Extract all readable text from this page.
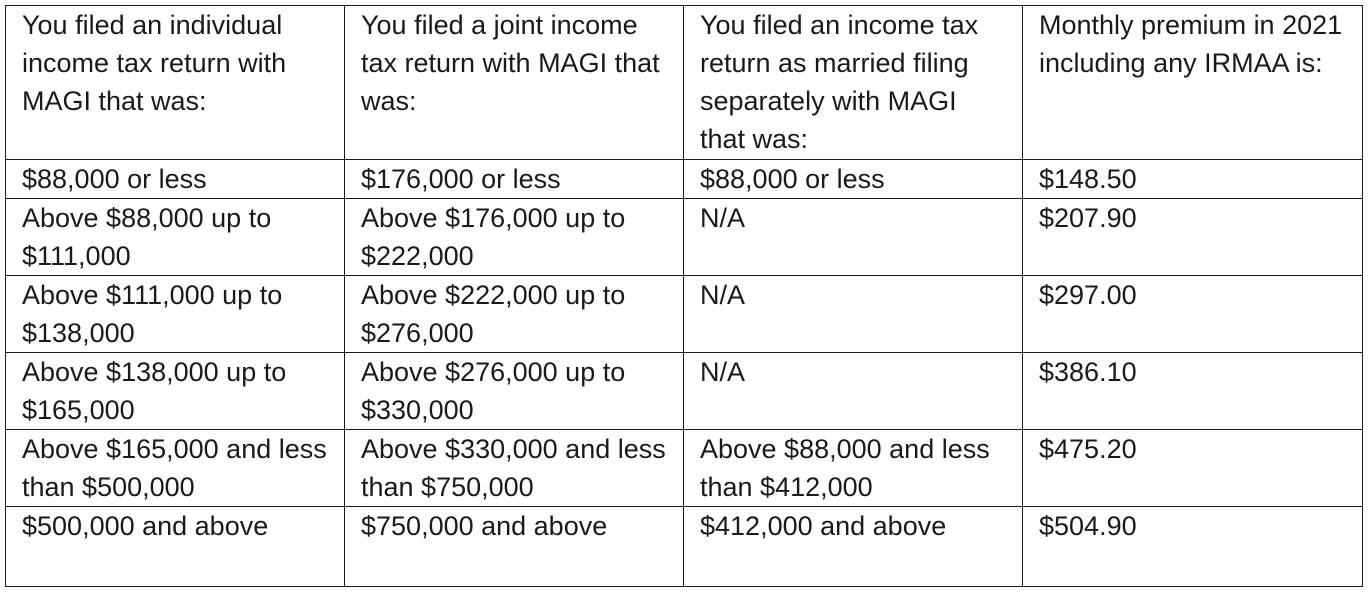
You filed an individual income tax return with MAGI that was:	You filed a joint income tax return with MAGI that was:	You filed an income tax return as married filing separately with MAGI that was:	Monthly premium in 2021 including any IRMAA is:
$88,000 or less	$176,000 or less	$88,000 or less	$148.50
Above $88,000 up to $111,000	Above $176,000 up to $222,000	N/A	$207.90
Above $111,000 up to $138,000	Above $222,000 up to $276,000	N/A	$297.00
Above $138,000 up to $165,000	Above $276,000 up to $330,000	N/A	$386.10
Above $165,000 and less than $500,000	Above $330,000 and less than $750,000	Above $88,000 and less than $412,000	$475.20
$500,000 and above	$750,000 and above	$412,000 and above	$504.90
